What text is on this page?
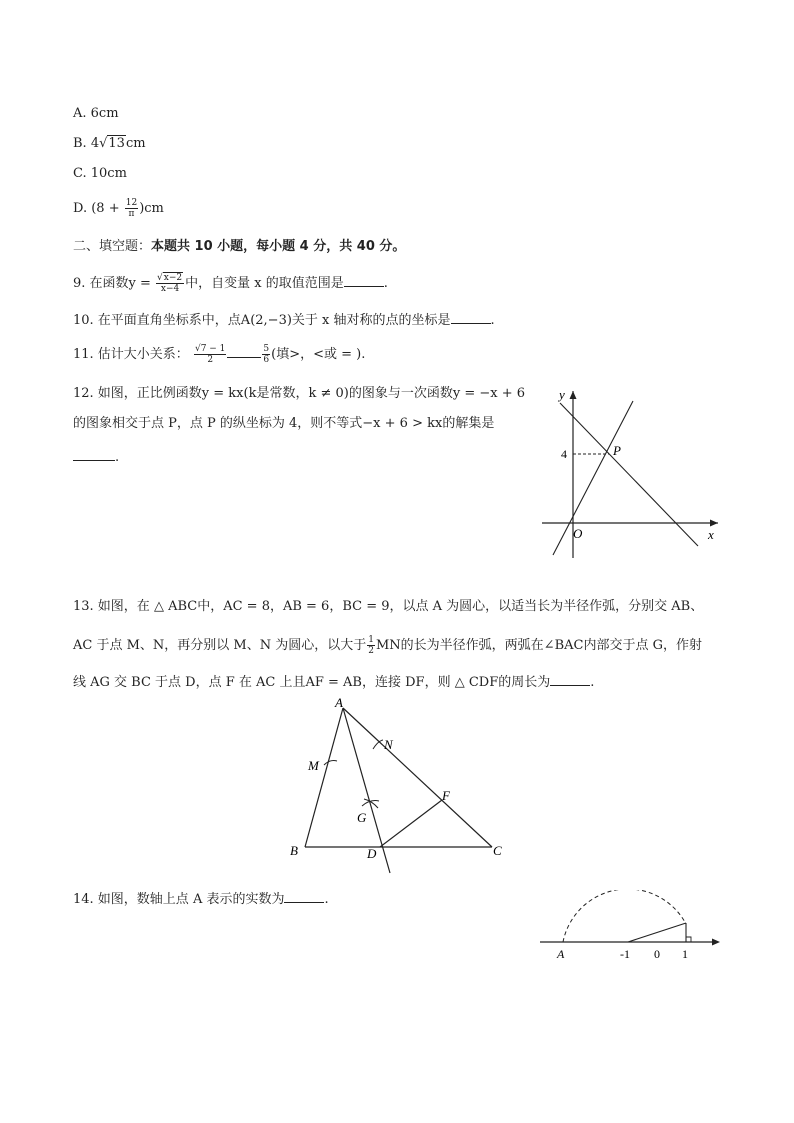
A. 6cm
B. 4√13cm
C. 10cm
D. $(8 + \frac{12}{\pi} )cm$
二、填空题：本题共 10 小题，每小题 4 分，共 40 分。
9. 在函数$y = \frac{√x-2}{x-4}$ 中，自变量 x 的取值范围是	.
10. 在平面直角坐标系中，点A(2,−3)关于 x 轴对称的点的坐标是	.
11. 估计大小关系： $\frac{√7 - 1}{2}$	$\frac{5}{6}$ (填>，<或 = ).
12. 如图，正比例函数y = kx(k是常数，k ≠ 0)的图象与一次函数y = −x + 6
的图象相交于点 P，点 P 的纵坐标为 4，则不等式−x + 6 > kx的解集是
.
y
x
O
P
4
13. 如图，在 △ ABC中，AC = 8，AB = 6，BC = 9，以点 A 为圆心，以适当长为半径作弧，分别交 AB、
AC 于点 M、N，再分别以 M、N 为圆心，以大于 $\frac{1}{2}$ MN的长为半径作弧，两弧在∠BAC内部交于点 G，作射
线 AG 交 BC 于点 D，点 F 在 AC 上且AF = AB，连接 DF，则 △ CDF的周长为	.
A
B	C
D
F
G
M
N
14. 如图，数轴上点 A 表示的实数为	.
A	-1 0 1
